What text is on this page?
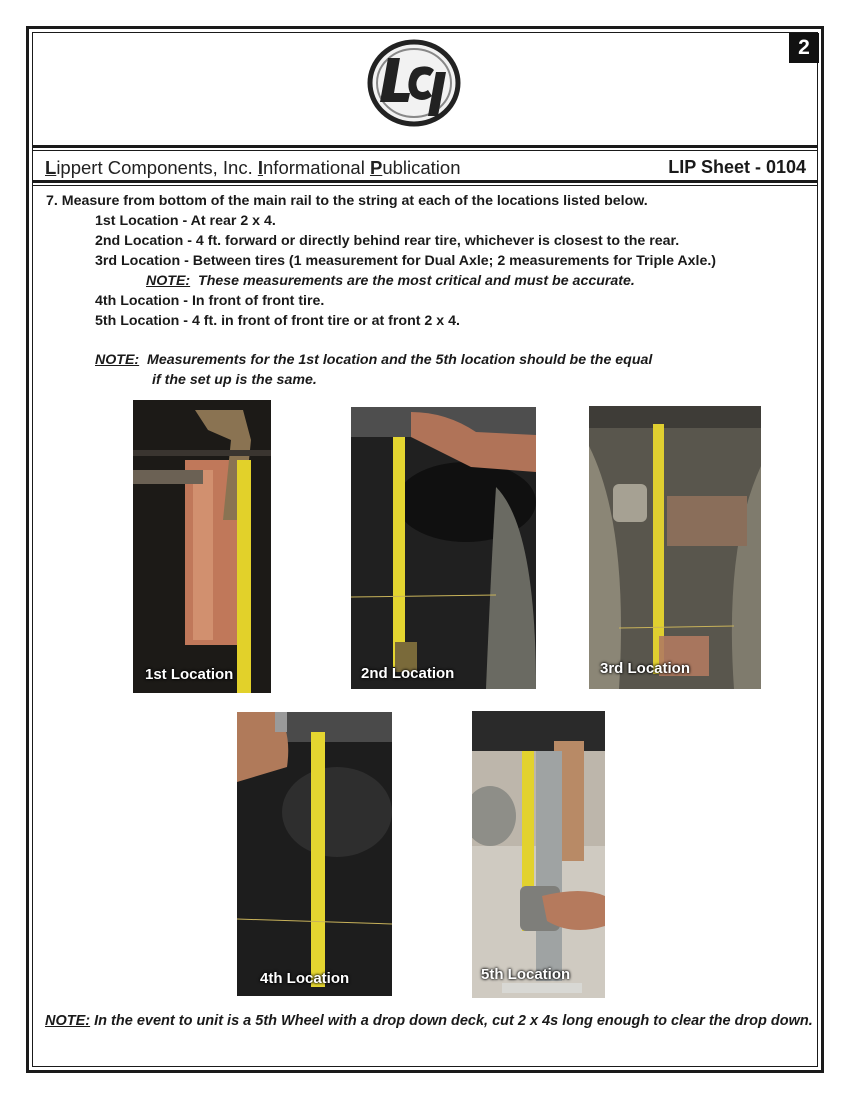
2
Lippert Components, Inc. Informational Publication	LIP Sheet - 0104
7. Measure from bottom of the main rail to the string at each of the locations listed below.
1st Location - At rear 2 x 4.
2nd Location - 4 ft. forward or directly behind rear tire, whichever is closest to the rear.
3rd Location - Between tires (1 measurement for Dual Axle; 2 measurements for Triple Axle.)
NOTE:  These measurements are the most critical and must be accurate.
4th Location - In front of front tire.
5th Location - 4 ft. in front of front tire or at front 2 x 4.
NOTE:  Measurements for the 1st location and the 5th location should be the equal
if the set up is the same.
1st Location	2nd Location	3rd Location
4th Location	5th Location
NOTE: In the event to unit is a 5th Wheel with a drop down deck, cut 2 x 4s long enough to clear the drop down.
